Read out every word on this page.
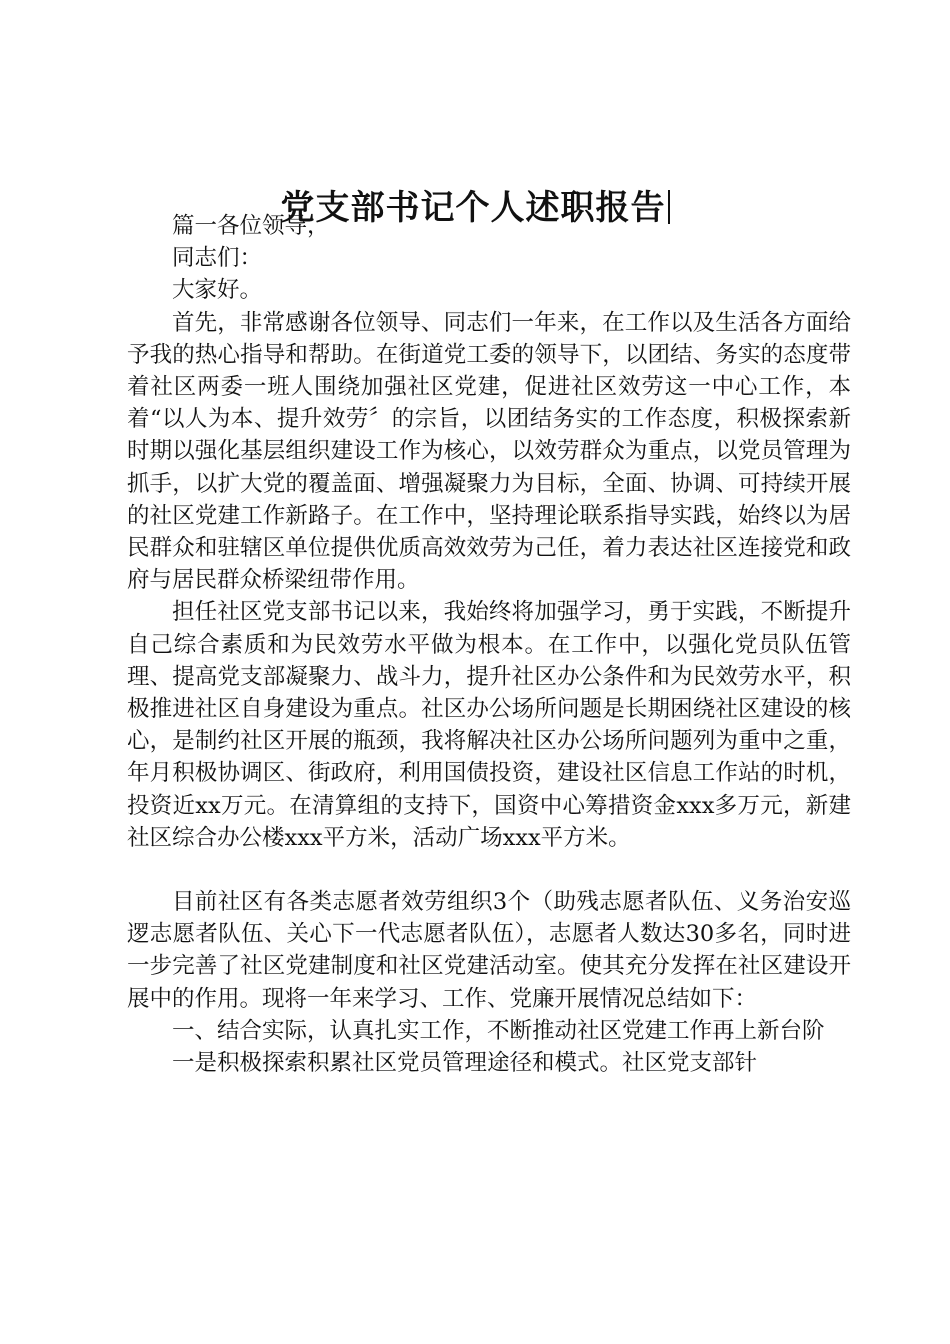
党支部书记个人述职报告

篇一各位领导，

同志们：

大家好。

首先，非常感谢各位领导、同志们一年来，在工作以及生活各方面给予我的热心指导和帮助。在街道党工委的领导下，以团结、务实的态度带着社区两委一班人围绕加强社区党建，促进社区效劳这一中心工作，本着“以人为本、提升效劳〞的宗旨，以团结务实的工作态度，积极探索新时期以强化基层组织建设工作为核心，以效劳群众为重点，以党员管理为抓手，以扩大党的覆盖面、增强凝聚力为目标，全面、协调、可持续开展的社区党建工作新路子。在工作中，坚持理论联系指导实践，始终以为居民群众和驻辖区单位提供优质高效效劳为己任，着力表达社区连接党和政府与居民群众桥梁纽带作用。

担任社区党支部书记以来，我始终将加强学习，勇于实践，不断提升自己综合素质和为民效劳水平做为根本。在工作中，以强化党员队伍管理、提高党支部凝聚力、战斗力，提升社区办公条件和为民效劳水平，积极推进社区自身建设为重点。社区办公场所问题是长期困绕社区建设的核心，是制约社区开展的瓶颈，我将解决社区办公场所问题列为重中之重，年月积极协调区、街政府，利用国债投资，建设社区信息工作站的时机，投资近xx万元。在清算组的支持下，国资中心筹措资金xxx多万元，新建社区综合办公楼xxx平方米，活动广场xxx平方米。

目前社区有各类志愿者效劳组织3个（助残志愿者队伍、义务治安巡逻志愿者队伍、关心下一代志愿者队伍），志愿者人数达30多名，同时进一步完善了社区党建制度和社区党建活动室。使其充分发挥在社区建设开展中的作用。现将一年来学习、工作、党廉开展情况总结如下：

一、结合实际，认真扎实工作，不断推动社区党建工作再上新台阶

一是积极探索积累社区党员管理途径和模式。社区党支部针
